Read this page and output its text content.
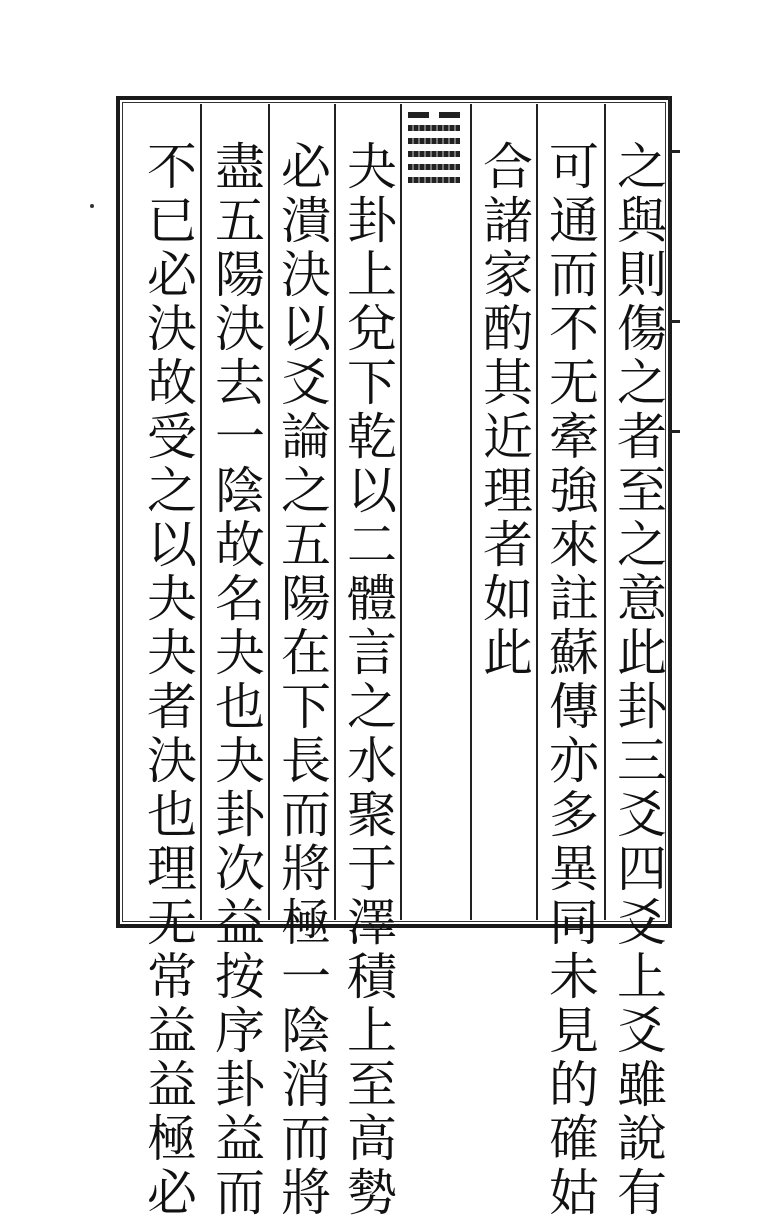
之與則傷之者至之意此卦三爻四爻上爻雖說有
可通而不无牽強來註蘇傳亦多異同未見的確姑
合諸家酌其近理者如此
夬卦上兌下乾以二體言之水聚于澤積上至高勢
必潰決以爻論之五陽在下長而將極一陰消而將
盡五陽決去一陰故名夬也夬卦次益按序卦益而
不已必決故受之以夬夬者決也理无常益益極必
